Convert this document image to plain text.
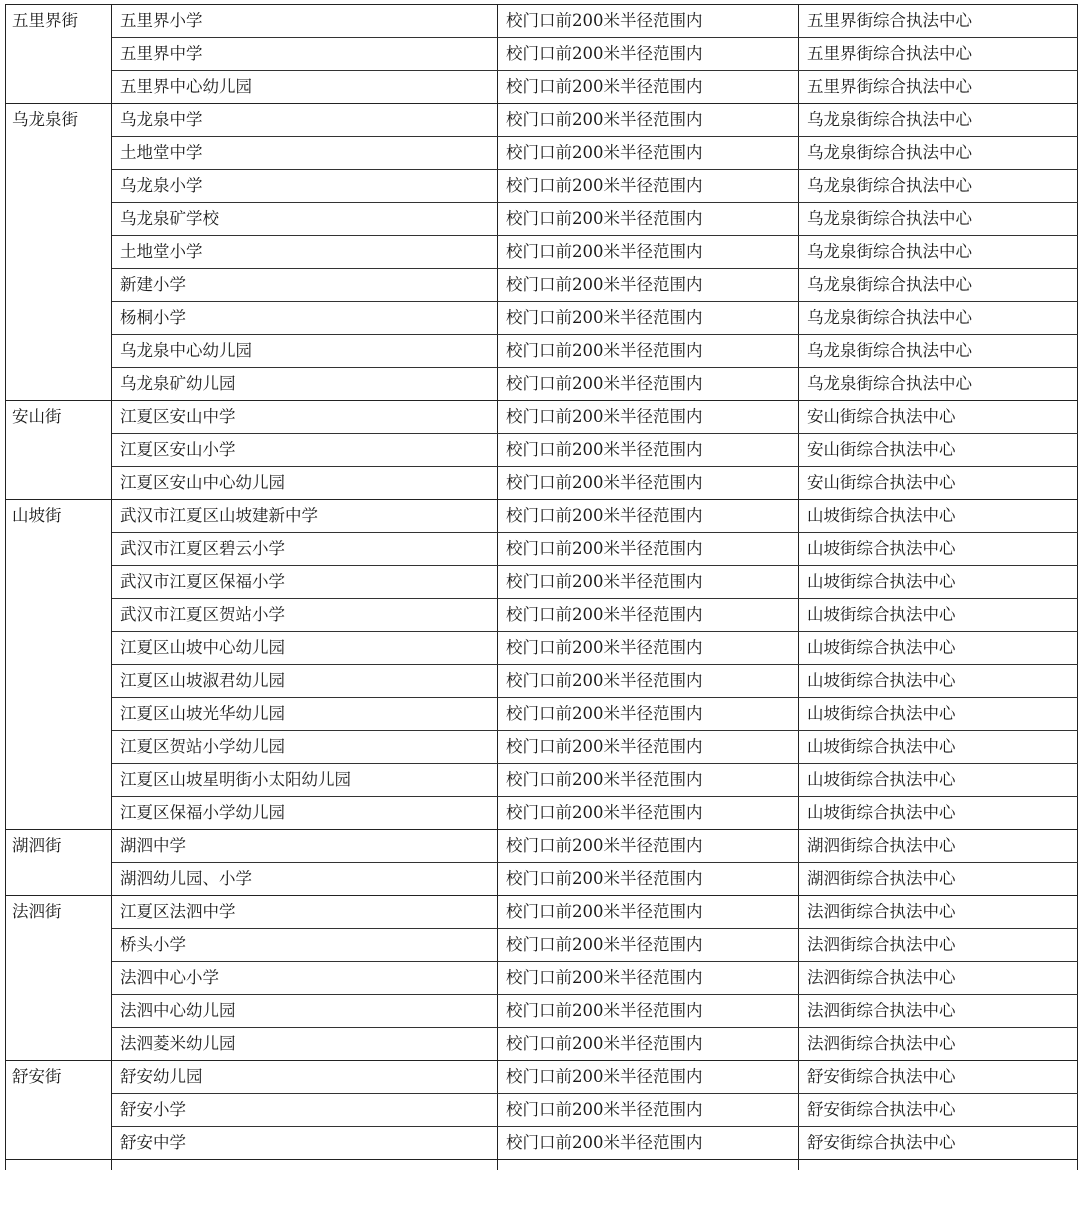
五里界街	五里界小学	校门口前200米半径范围内	五里界街综合执法中心
	五里界中学	校门口前200米半径范围内	五里界街综合执法中心
	五里界中心幼儿园	校门口前200米半径范围内	五里界街综合执法中心
乌龙泉街	乌龙泉中学	校门口前200米半径范围内	乌龙泉街综合执法中心
	土地堂中学	校门口前200米半径范围内	乌龙泉街综合执法中心
	乌龙泉小学	校门口前200米半径范围内	乌龙泉街综合执法中心
	乌龙泉矿学校	校门口前200米半径范围内	乌龙泉街综合执法中心
	土地堂小学	校门口前200米半径范围内	乌龙泉街综合执法中心
	新建小学	校门口前200米半径范围内	乌龙泉街综合执法中心
	杨桐小学	校门口前200米半径范围内	乌龙泉街综合执法中心
	乌龙泉中心幼儿园	校门口前200米半径范围内	乌龙泉街综合执法中心
	乌龙泉矿幼儿园	校门口前200米半径范围内	乌龙泉街综合执法中心
安山街	江夏区安山中学	校门口前200米半径范围内	安山街综合执法中心
	江夏区安山小学	校门口前200米半径范围内	安山街综合执法中心
	江夏区安山中心幼儿园	校门口前200米半径范围内	安山街综合执法中心
山坡街	武汉市江夏区山坡建新中学	校门口前200米半径范围内	山坡街综合执法中心
	武汉市江夏区碧云小学	校门口前200米半径范围内	山坡街综合执法中心
	武汉市江夏区保福小学	校门口前200米半径范围内	山坡街综合执法中心
	武汉市江夏区贺站小学	校门口前200米半径范围内	山坡街综合执法中心
	江夏区山坡中心幼儿园	校门口前200米半径范围内	山坡街综合执法中心
	江夏区山坡淑君幼儿园	校门口前200米半径范围内	山坡街综合执法中心
	江夏区山坡光华幼儿园	校门口前200米半径范围内	山坡街综合执法中心
	江夏区贺站小学幼儿园	校门口前200米半径范围内	山坡街综合执法中心
	江夏区山坡星明街小太阳幼儿园	校门口前200米半径范围内	山坡街综合执法中心
	江夏区保福小学幼儿园	校门口前200米半径范围内	山坡街综合执法中心
湖泗街	湖泗中学	校门口前200米半径范围内	湖泗街综合执法中心
	湖泗幼儿园、小学	校门口前200米半径范围内	湖泗街综合执法中心
法泗街	江夏区法泗中学	校门口前200米半径范围内	法泗街综合执法中心
	桥头小学	校门口前200米半径范围内	法泗街综合执法中心
	法泗中心小学	校门口前200米半径范围内	法泗街综合执法中心
	法泗中心幼儿园	校门口前200米半径范围内	法泗街综合执法中心
	法泗菱米幼儿园	校门口前200米半径范围内	法泗街综合执法中心
舒安街	舒安幼儿园	校门口前200米半径范围内	舒安街综合执法中心
	舒安小学	校门口前200米半径范围内	舒安街综合执法中心
	舒安中学	校门口前200米半径范围内	舒安街综合执法中心
